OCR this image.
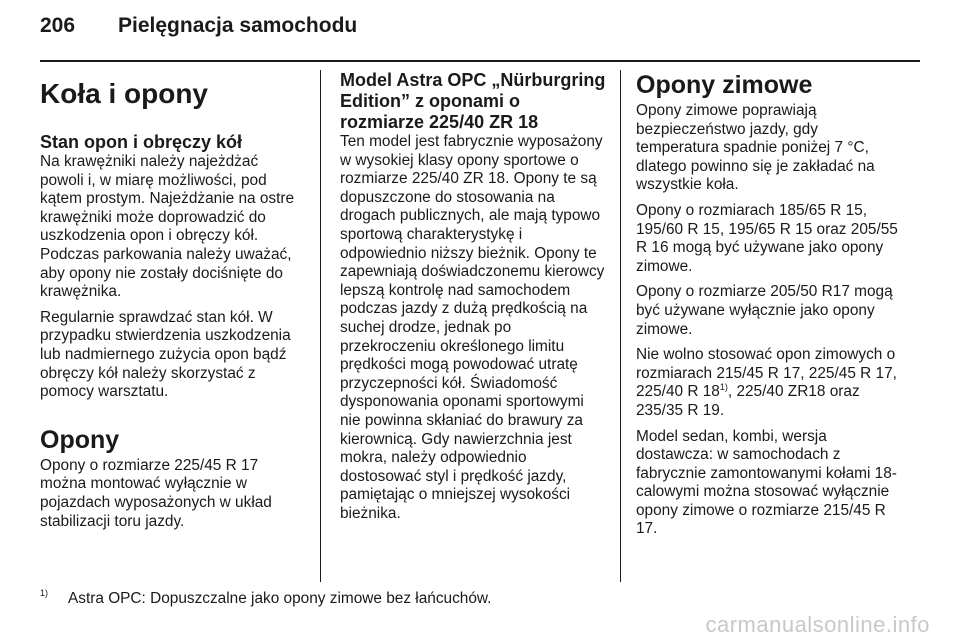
206 Pielęgnacja samochodu
Koła i opony
Stan opon i obręczy kół

Na krawężniki należy najeżdżać powoli i, w miarę możliwości, pod kątem prostym. Najeżdżanie na ostre krawężniki może doprowadzić do uszkodzenia opon i obręczy kół. Podczas parkowania należy uważać, aby opony nie zostały dociśnięte do krawężnika.

Regularnie sprawdzać stan kół. W przypadku stwierdzenia uszkodzenia lub nadmiernego zużycia opon bądź obręczy kół należy skorzystać z pomocy warsztatu.

Opony

Opony o rozmiarze 225/45 R 17 można montować wyłącznie w pojazdach wyposażonych w układ stabilizacji toru jazdy.

Model Astra OPC „Nürburgring Edition” z oponami o rozmiarze 225/40 ZR 18

Ten model jest fabrycznie wyposażony w wysokiej klasy opony sportowe o rozmiarze 225/40 ZR 18. Opony te są dopuszczone do stosowania na drogach publicznych, ale mają typowo sportową charakterystykę i odpowiednio niższy bieżnik. Opony te zapewniają doświadczonemu kierowcy lepszą kontrolę nad samochodem podczas jazdy z dużą prędkością na suchej drodze, jednak po przekroczeniu określonego limitu prędkości mogą powodować utratę przyczepności kół. Świadomość dysponowania oponami sportowymi nie powinna skłaniać do brawury za kierownicą. Gdy nawierzchnia jest mokra, należy odpowiednio dostosować styl i prędkość jazdy, pamiętając o mniejszej wysokości bieżnika.

Opony zimowe

Opony zimowe poprawiają bezpieczeństwo jazdy, gdy temperatura spadnie poniżej 7 °C, dlatego powinno się je zakładać na wszystkie koła.

Opony o rozmiarach 185/65 R 15, 195/60 R 15, 195/65 R 15 oraz 205/55 R 16 mogą być używane jako opony zimowe.

Opony o rozmiarze 205/50 R17 mogą być używane wyłącznie jako opony zimowe.

Nie wolno stosować opon zimowych o rozmiarach 215/45 R 17, 225/45 R 17, 225/40 R 18$^{1)}$, 225/40 ZR18 oraz 235/35 R 19.

Model sedan, kombi, wersja dostawcza: w samochodach z fabrycznie zamontowanymi kołami 18-calowymi można stosować wyłącznie opony zimowe o rozmiarze 215/45 R 17.

$^{1)}$ Astra OPC: Dopuszczalne jako opony zimowe bez łańcuchów.
carmanualsonline.info
